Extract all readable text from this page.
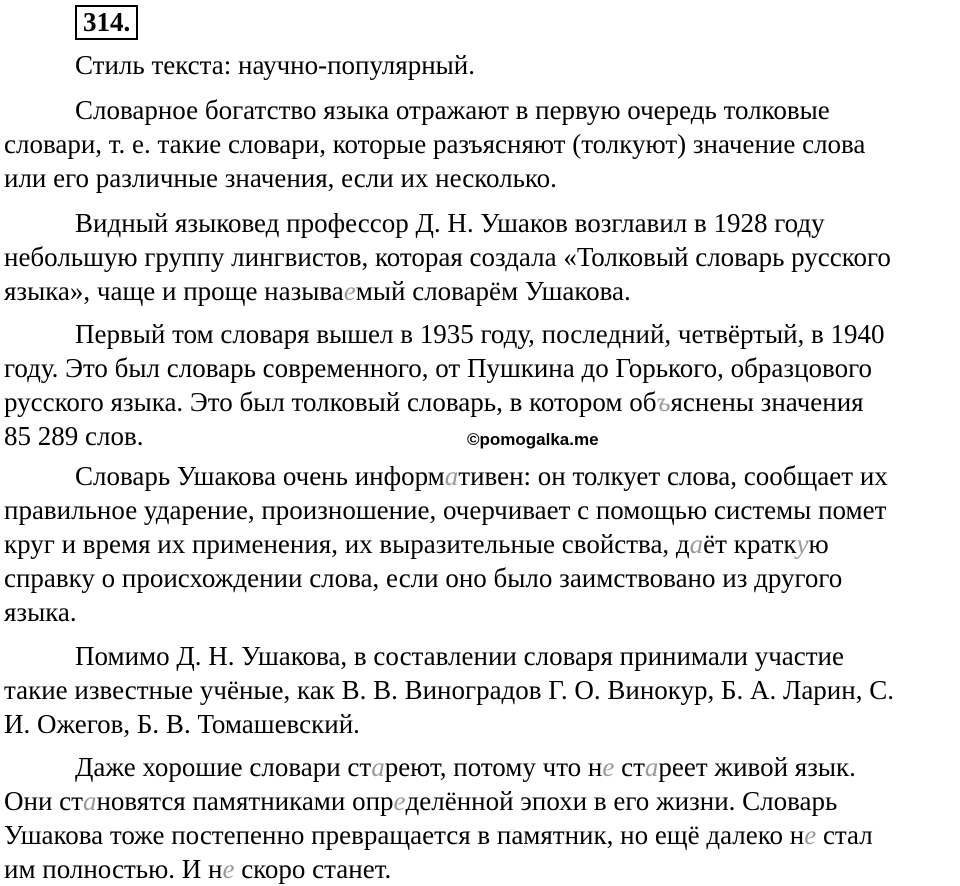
314.

Стиль текста: научно-популярный.

Словарное богатство языка отражают в первую очередь толковые
словари, т. е. такие словари, которые разъясняют (толкуют) значение слова
или его различные значения, если их несколько.

Видный языковед профессор Д. Н. Ушаков возглавил в 1928 году
небольшую группу лингвистов, которая создала «Толковый словарь русского
языка», чаще и проще называемый словарём Ушакова.

Первый том словаря вышел в 1935 году, последний, четвёртый, в 1940
году. Это был словарь современного, от Пушкина до Горького, образцового
русского языка. Это был толковый словарь, в котором объяснены значения
85 289 слов.

Словарь Ушакова очень информативен: он толкует слова, сообщает их
правильное ударение, произношение, очерчивает с помощью системы помет
круг и время их применения, их выразительные свойства, даёт краткую
справку о происхождении слова, если оно было заимствовано из другого
языка.

Помимо Д. Н. Ушакова, в составлении словаря принимали участие
такие известные учёные, как В. В. Виноградов Г. О. Винокур, Б. А. Ларин, С.
И. Ожегов, Б. В. Томашевский.

Даже хорошие словари стареют, потому что не стареет живой язык.
Они становятся памятниками определённой эпохи в его жизни. Словарь
Ушакова тоже постепенно превращается в памятник, но ещё далеко не стал
им полностью. И не скоро станет.

©pomogalka.me
